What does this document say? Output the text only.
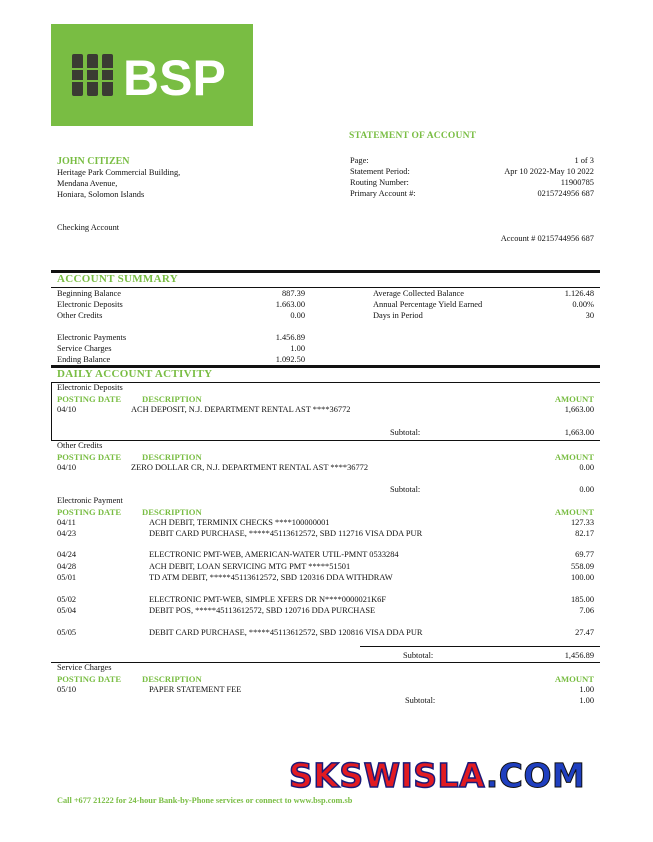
BSP
STATEMENT OF ACCOUNT
JOHN CITIZEN
Heritage Park Commercial Building,
Mendana Avenue,
Honiara, Solomon Islands
Page:	1 of 3
Statement Period:	Apr 10 2022-May 10 2022
Routing Number:	11900785
Primary Account #:	0215724956 687
Checking Account
Account # 0215744956 687
ACCOUNT SUMMARY
Beginning Balance	887.39
Electronic Deposits	1.663.00
Other Credits	0.00
Electronic Payments	1.456.89
Service Charges	1.00
Ending Balance	1.092.50
Average Collected Balance	1.126.48
Annual Percentage Yield Earned	0.00%
Days in Period	30
DAILY ACCOUNT ACTIVITY
Electronic Deposits
POSTING DATE DESCRIPTION	AMOUNT
04/10	ACH DEPOSIT, N.J. DEPARTMENT RENTAL AST ****36772	1,663.00
Subtotal:	1,663.00
Other Credits
POSTING DATE DESCRIPTION	AMOUNT
04/10	ZERO DOLLAR CR, N.J. DEPARTMENT RENTAL AST ****36772	0.00
Subtotal:	0.00
Electronic Payment
POSTING DATE DESCRIPTION	AMOUNT
04/11	ACH DEBIT, TERMINIX CHECKS ****100000001	127.33
04/23	DEBIT CARD PURCHASE, *****45113612572, SBD 112716 VISA DDA PUR	82.17
04/24	ELECTRONIC PMT-WEB, AMERICAN-WATER UTIL-PMNT 0533284	69.77
04/28	ACH DEBIT, LOAN SERVICING MTG PMT *****51501	558.09
05/01	TD ATM DEBIT, *****45113612572, SBD 120316 DDA WITHDRAW	100.00
05/02	ELECTRONIC PMT-WEB, SIMPLE XFERS DR N****0000021K6F	185.00
05/04	DEBIT POS, *****45113612572, SBD 120716 DDA PURCHASE	7.06
05/05	DEBIT CARD PURCHASE, *****45113612572, SBD 120816 VISA DDA PUR	27.47
Subtotal:	1,456.89
Service Charges
POSTING DATE DESCRIPTION	AMOUNT
05/10	PAPER STATEMENT FEE	1.00
Subtotal:	1.00
SKSWISLA.COM
Call +677 21222 for 24-hour Bank-by-Phone services or connect to www.bsp.com.sb
